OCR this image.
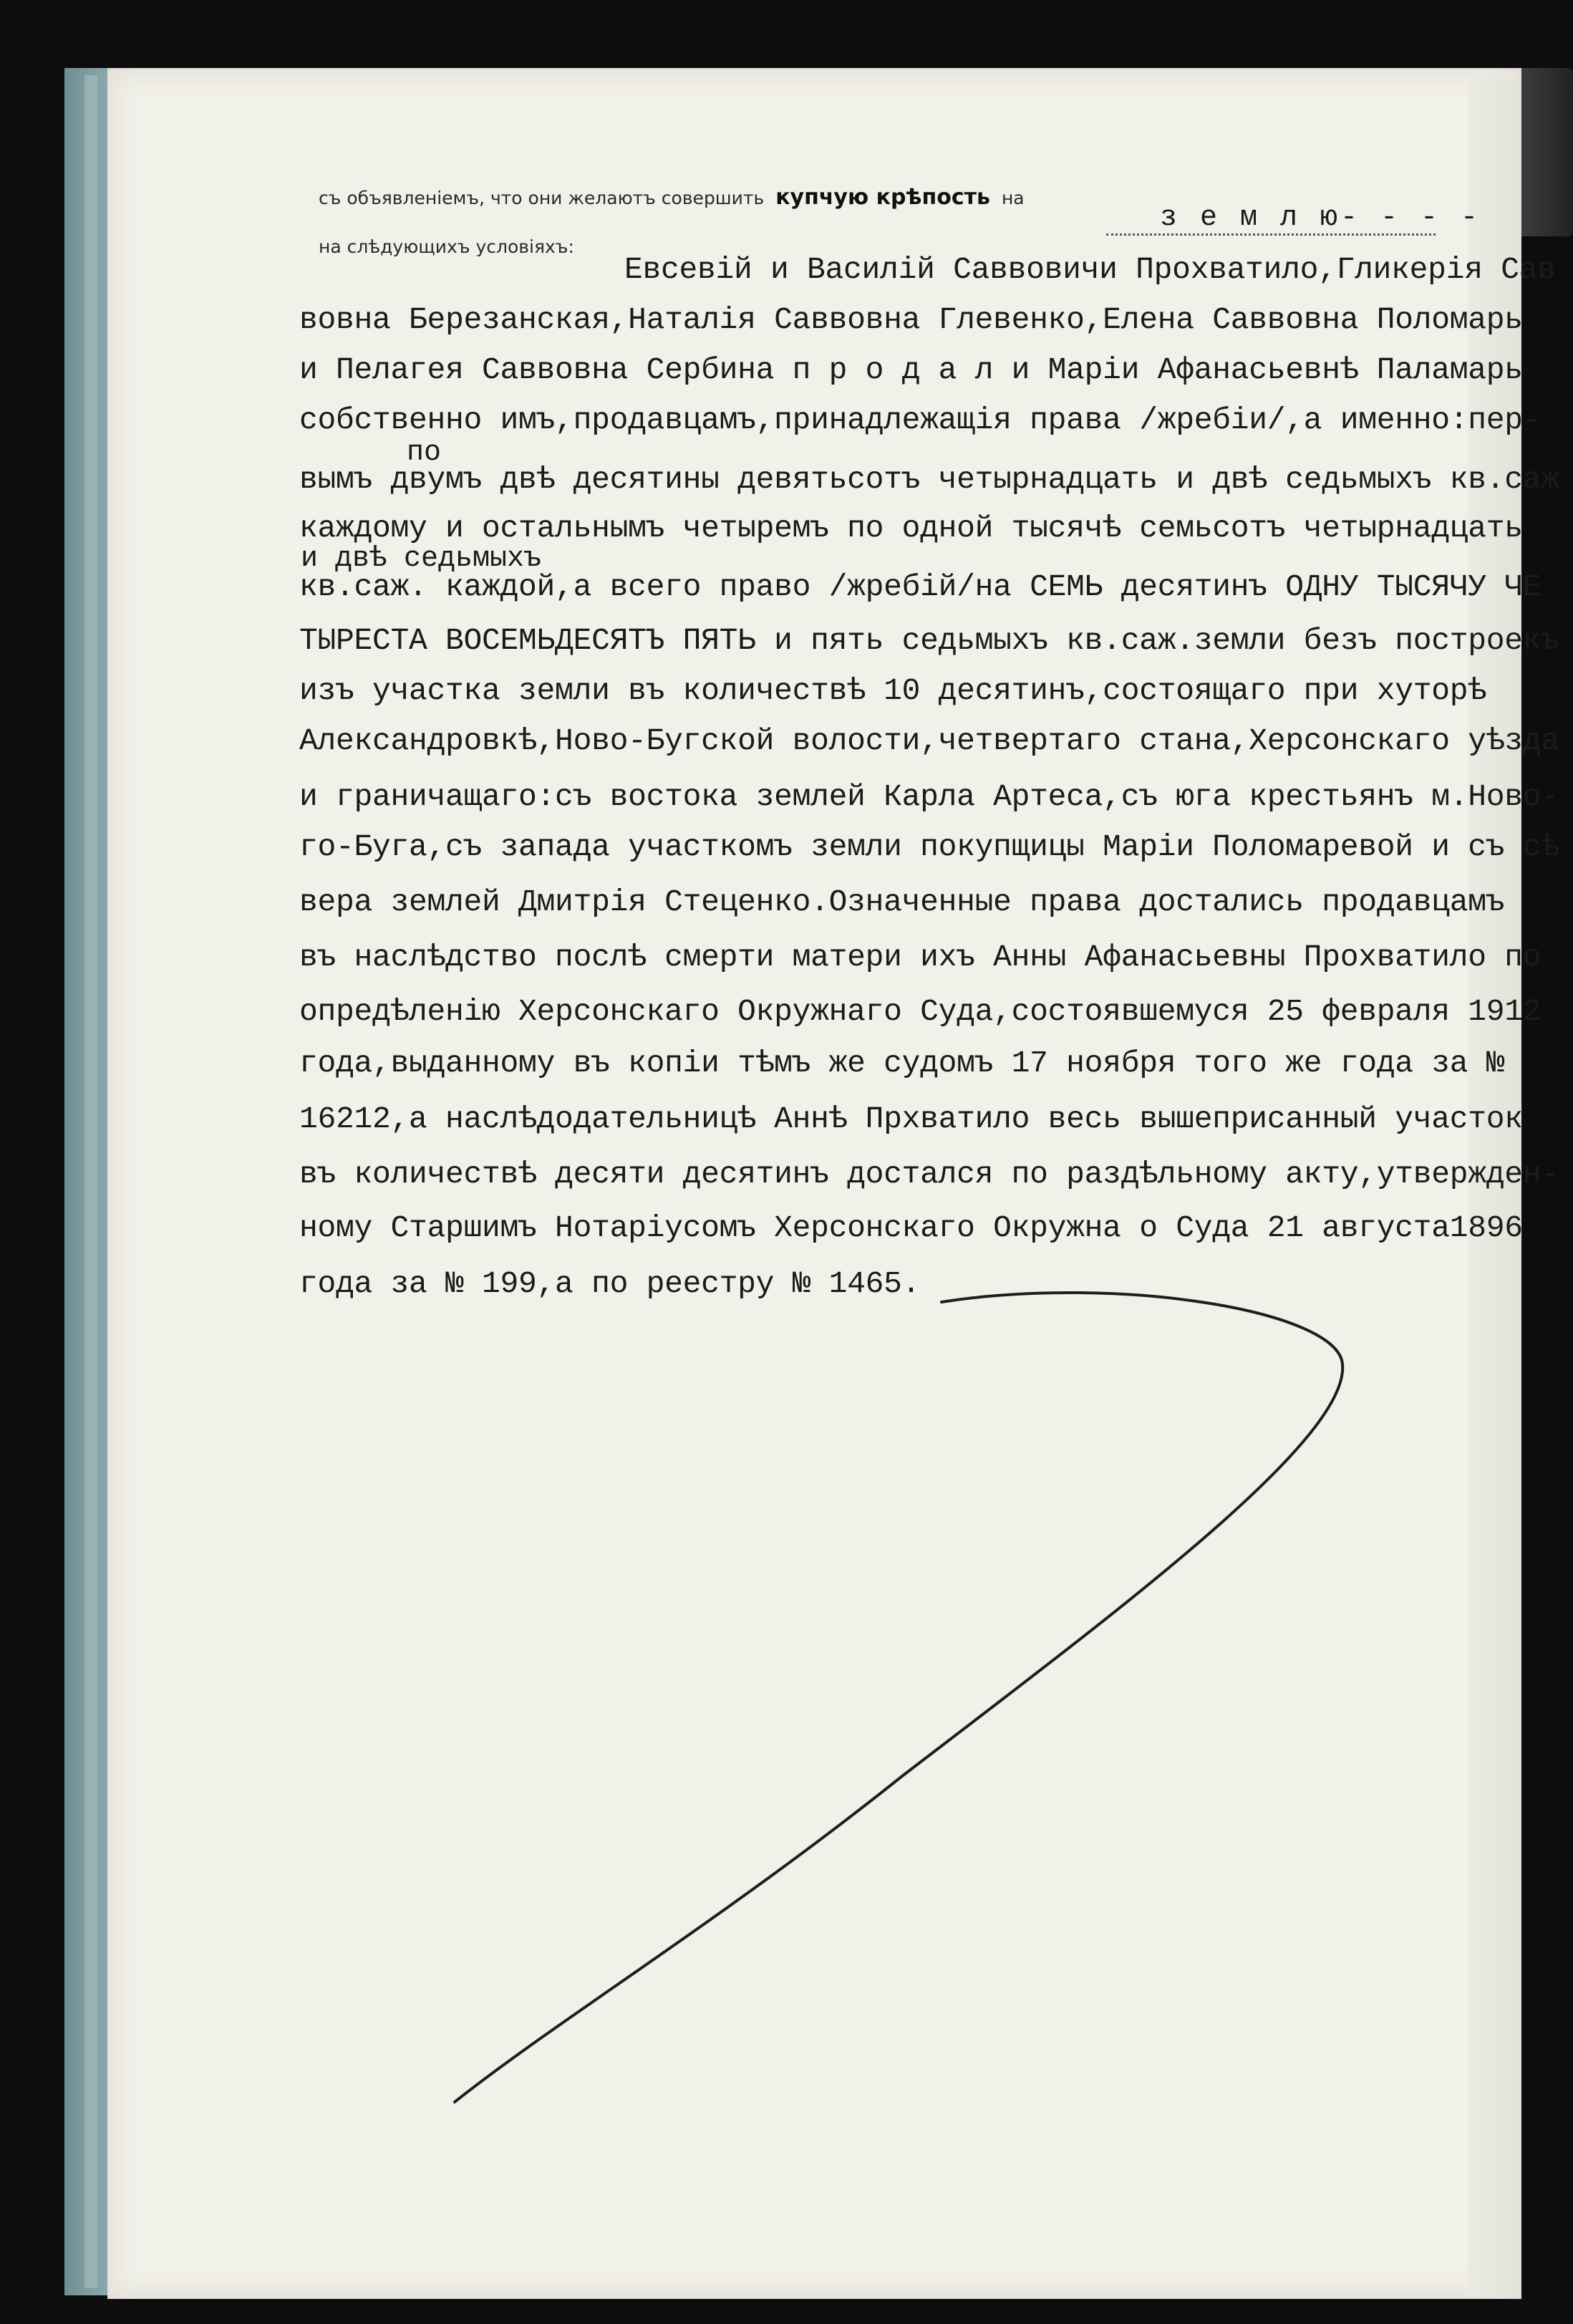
съ объявленіемъ, что они желаютъ совершить купчую крѣпость на
з е м л ю- - - -
на слѣдующихъ условіяхъ:
Евсевій и Василій Саввовичи Прохватило,Гликерія Сав
вовна Березанская,Наталія Саввовна Глевенко,Елена Саввовна Поломарь
и Пелагея Саввовна Сербина п р о д а л и Маріи Афанасьевнѣ Паламарь
собственно имъ,продавцамъ,принадлежащія права /жребіи/,а именно:пер-
по
вымъ двумъ двѣ десятины девятьсотъ четырнадцать и двѣ седьмыхъ кв.саж
каждому и остальнымъ четыремъ по одной тысячѣ семьсотъ четырнадцать
и двѣ седьмыхъ
кв.саж. каждой,а всего право /жребій/на СЕМЬ десятинъ ОДНУ ТЫСЯЧУ ЧЕ
ТЫРЕСТА ВОСЕМЬДЕСЯТЪ ПЯТЬ и пять седьмыхъ кв.саж.земли безъ построекъ
изъ участка земли въ количествѣ 10 десятинъ,состоящаго при хуторѣ
Александровкѣ,Ново-Бугской волости,четвертаго стана,Херсонскаго уѣзда
и граничащаго:съ востока землей Карла Артеса,съ юга крестьянъ м.Ново-
го-Буга,съ запада участкомъ земли покупщицы Маріи Поломаревой и съ сѣ
вера землей Дмитрія Стеценко.Означенные права достались продавцамъ
въ наслѣдство послѣ смерти матери ихъ Анны Афанасьевны Прохватило по
опредѣленію Херсонскаго Окружнаго Суда,состоявшемуся 25 февраля 1912
года,выданному въ копіи тѣмъ же судомъ 17 ноября того же года за №
16212,а наслѣдодательницѣ Аннѣ Прхватило весь вышеприсанный участок
въ количествѣ десяти десятинъ достался по раздѣльному акту,утвержден-
ному Старшимъ Нотаріусомъ Херсонскаго Окружна о Суда 21 августа1896
года за № 199,а по реестру № 1465.
